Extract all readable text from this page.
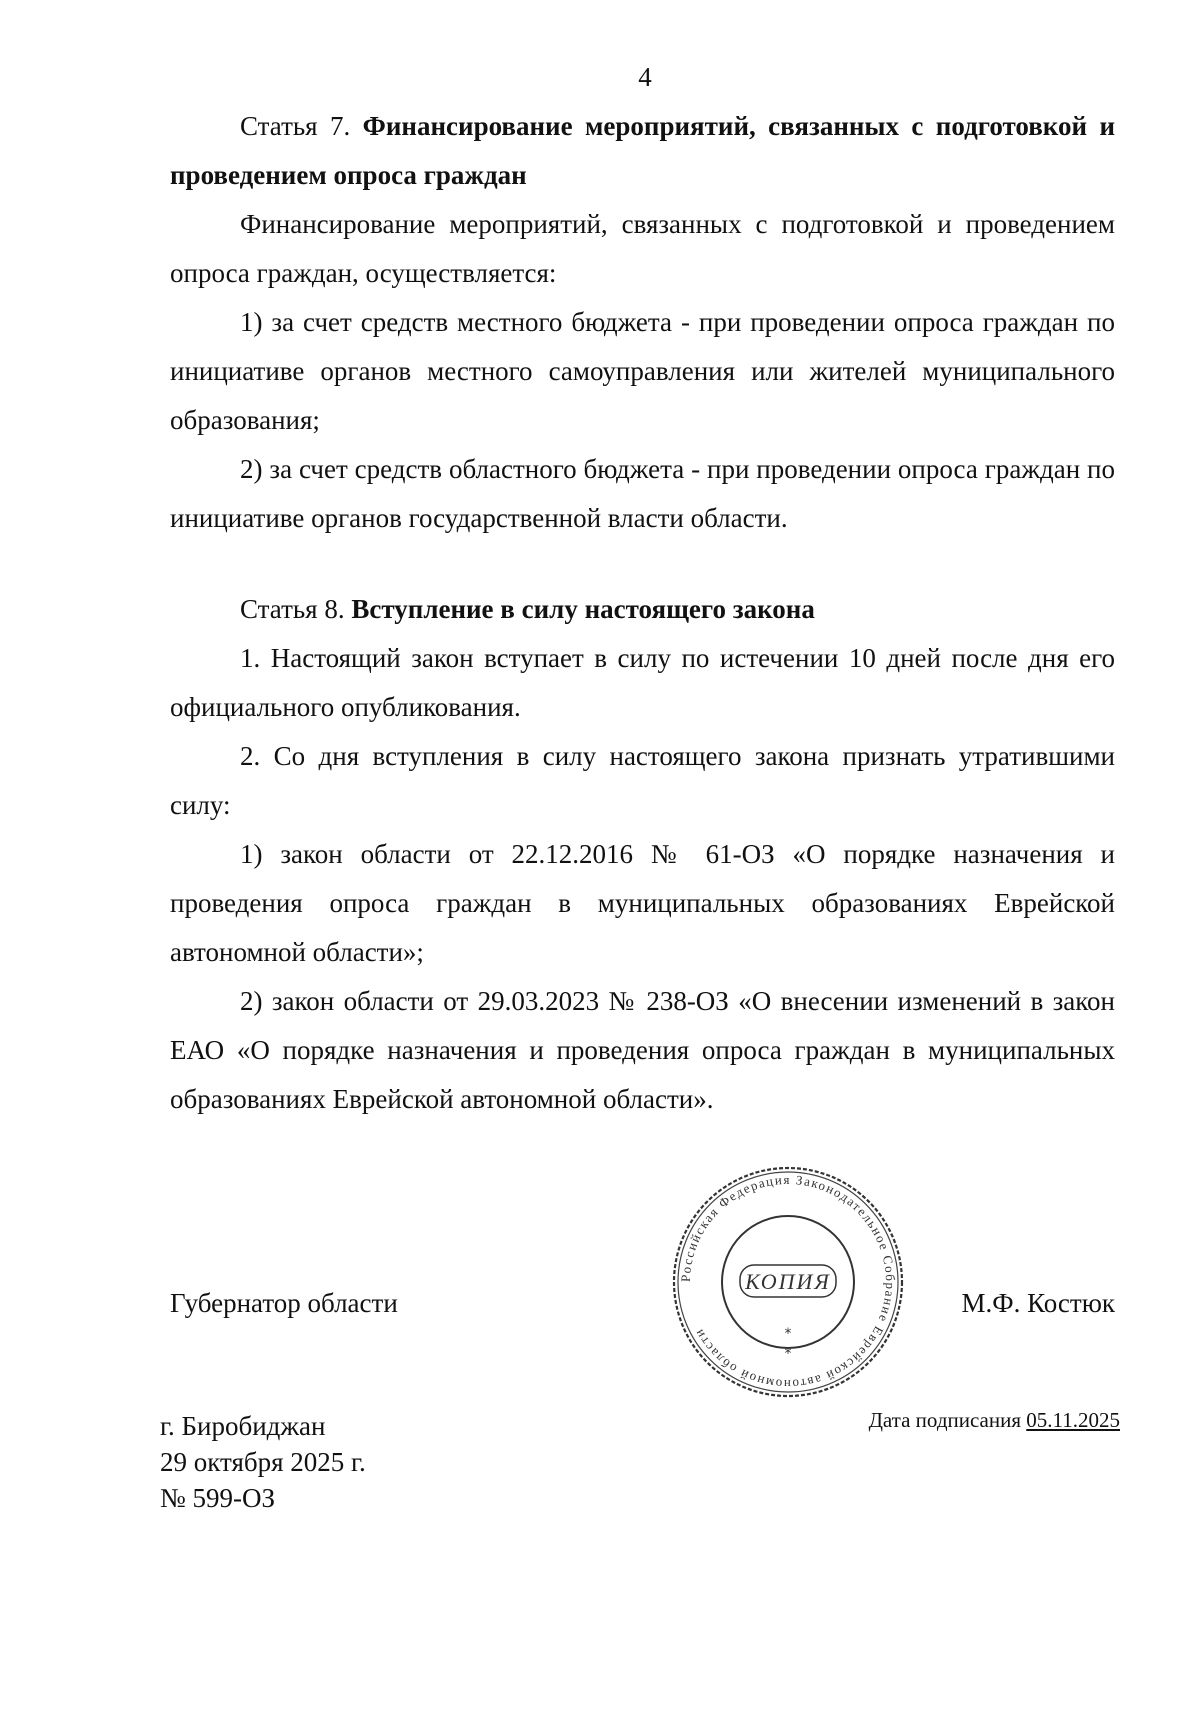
4

Статья 7. Финансирование мероприятий, связанных с подготовкой и проведением опроса граждан

Финансирование мероприятий, связанных с подготовкой и проведением опроса граждан, осуществляется:

1) за счет средств местного бюджета - при проведении опроса граждан по инициативе органов местного самоуправления или жителей муниципального образования;

2) за счет средств областного бюджета - при проведении опроса граждан по инициативе органов государственной власти области.

Статья 8. Вступление в силу настоящего закона

1. Настоящий закон вступает в силу по истечении 10 дней после дня его официального опубликования.

2. Со дня вступления в силу настоящего закона признать утратившими силу:

1) закон области от 22.12.2016 № 61-ОЗ «О порядке назначения и проведения опроса граждан в муниципальных образованиях Еврейской автономной области»;

2) закон области от 29.03.2023 № 238-ОЗ «О внесении изменений в закон ЕАО «О порядке назначения и проведения опроса граждан в муниципальных образованиях Еврейской автономной области».

Губернатор области	М.Ф. Костюк
Российская Федерация Законодательное Собрание Еврейской автономной области
КОПИЯ
*
*
г. Биробиджан
29 октября 2025 г.
№ 599-ОЗ
Дата подписания 05.11.2025
